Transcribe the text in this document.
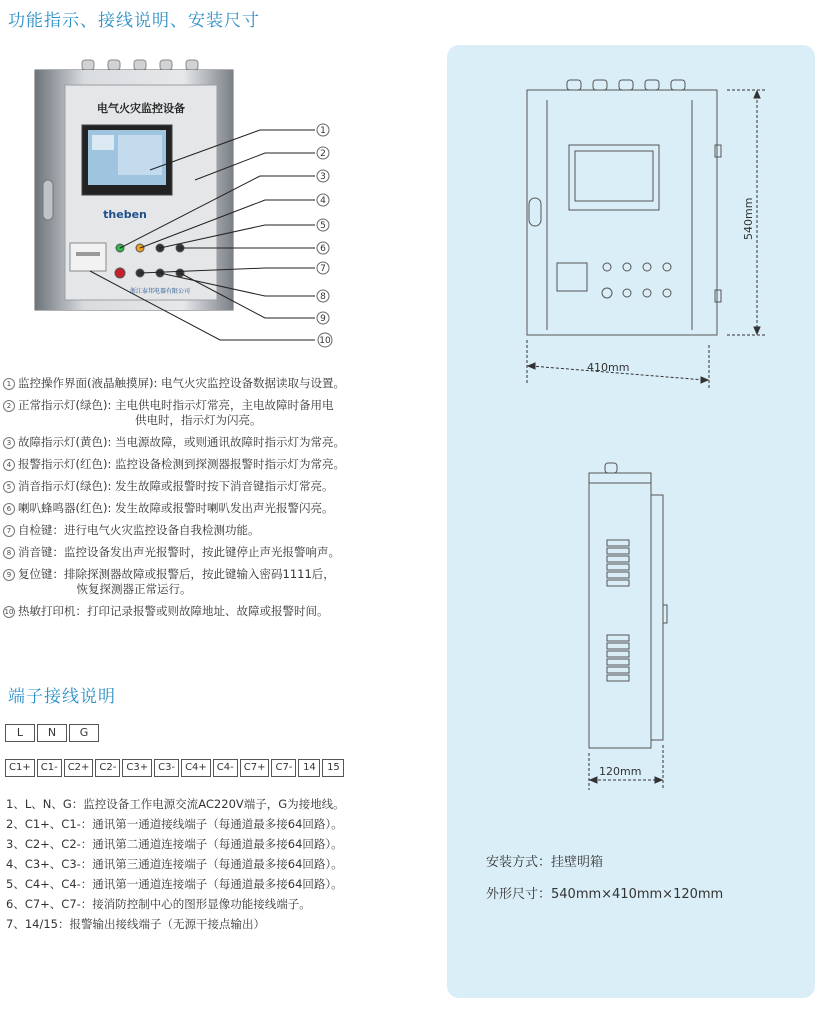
功能指示、接线说明、安装尺寸
电气火灾监控设备
theben
浙江泰邦电器有限公司
1
2
3
4
5
6
7
8
9
10
1 监控操作界面(液晶触摸屏): 电气火灾监控设备数据读取与设置。
2 正常指示灯(绿色): 主电供电时指示灯常亮，主电故障时备用电
供电时，指示灯为闪亮。
3 故障指示灯(黄色): 当电源故障，或则通讯故障时指示灯为常亮。
4 报警指示灯(红色): 监控设备检测到探测器报警时指示灯为常亮。
5 消音指示灯(绿色): 发生故障或报警时按下消音键指示灯常亮。
6 喇叭蜂鸣器(红色): 发生故障或报警时喇叭发出声光报警闪亮。
7 自检键：进行电气火灾监控设备自我检测功能。
8 消音键：监控设备发出声光报警时，按此键停止声光报警响声。
9 复位键：排除探测器故障或报警后，按此键输入密码1111后，
恢复探测器正常运行。
10 热敏打印机：打印记录报警或则故障地址、故障或报警时间。
端子接线说明
L	N	G
C1+	C1-	C2+	C2-	C3+	C3-	C4+	C4-	C7+	C7-	14	15
1、L、N、G：监控设备工作电源交流AC220V端子，G为接地线。
2、C1+、C1-：通讯第一通道接线端子（每通道最多接64回路）。
3、C2+、C2-：通讯第二通道连接端子（每通道最多接64回路）。
4、C3+、C3-：通讯第三通道连接端子（每通道最多接64回路）。
5、C4+、C4-：通讯第一通道连接端子（每通道最多接64回路）。
6、C7+、C7-：接消防控制中心的图形显像功能接线端子。
7、14/15：报警输出接线端子（无源干接点输出）
540mm
410mm
120mm
安装方式：挂壁明箱
外形尺寸：540mm×410mm×120mm
